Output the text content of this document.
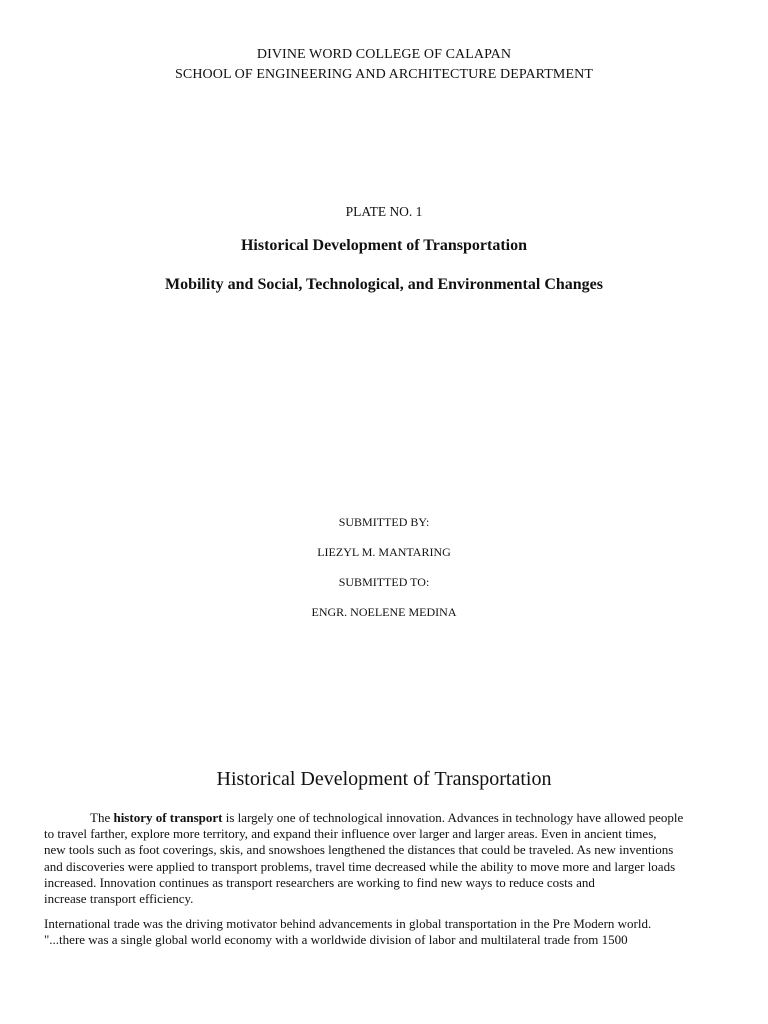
DIVINE WORD COLLEGE OF CALAPAN
SCHOOL OF ENGINEERING AND ARCHITECTURE DEPARTMENT
PLATE NO. 1
Historical Development of Transportation
Mobility and Social, Technological, and Environmental Changes
SUBMITTED BY:
LIEZYL M. MANTARING
SUBMITTED TO:
ENGR. NOELENE MEDINA
Historical Development of Transportation
The history of transport is largely one of technological innovation. Advances in technology have allowed people
to travel farther, explore more territory, and expand their influence over larger and larger areas. Even in ancient times,
new tools such as foot coverings, skis, and snowshoes lengthened the distances that could be traveled. As new inventions
and discoveries were applied to transport problems, travel time decreased while the ability to move more and larger loads
increased. Innovation continues as transport researchers are working to find new ways to reduce costs and
increase transport efficiency.
International trade was the driving motivator behind advancements in global transportation in the Pre Modern world.
"...there was a single global world economy with a worldwide division of labor and multilateral trade from 1500
